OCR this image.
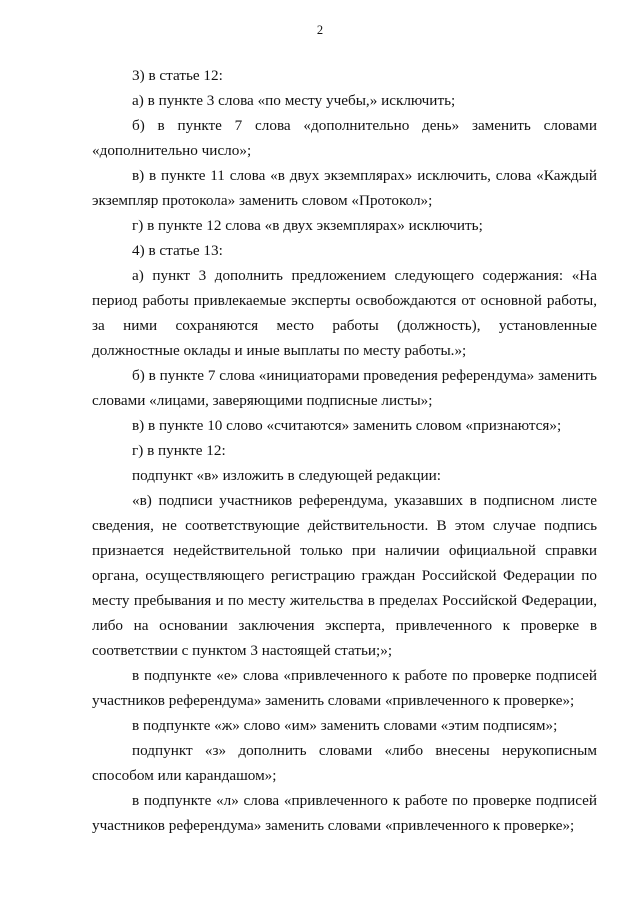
2

3) в статье 12:

а) в пункте 3 слова «по месту учебы,» исключить;

б) в пункте 7 слова «дополнительно день» заменить словами «дополнительно число»;

в) в пункте 11 слова «в двух экземплярах» исключить, слова «Каждый экземпляр протокола» заменить словом «Протокол»;

г) в пункте 12 слова «в двух экземплярах» исключить;

4) в статье 13:

а) пункт 3 дополнить предложением следующего содержания: «На период работы привлекаемые эксперты освобождаются от основной работы, за ними сохраняются место работы (должность), установленные должностные оклады и иные выплаты по месту работы.»;

б) в пункте 7 слова «инициаторами проведения референдума» заменить словами «лицами, заверяющими подписные листы»;

в) в пункте 10 слово «считаются» заменить словом «признаются»;

г) в пункте 12:

подпункт «в» изложить в следующей редакции:

«в) подписи участников референдума, указавших в подписном листе сведения, не соответствующие действительности. В этом случае подпись признается недействительной только при наличии официальной справки органа, осуществляющего регистрацию граждан Российской Федерации по месту пребывания и по месту жительства в пределах Российской Федерации, либо на основании заключения эксперта, привлеченного к проверке в соответствии с пунктом 3 настоящей статьи;»;

в подпункте «е» слова «привлеченного к работе по проверке подписей участников референдума» заменить словами «привлеченного к проверке»;

в подпункте «ж» слово «им» заменить словами «этим подписям»;

подпункт «з» дополнить словами «либо внесены нерукописным способом или карандашом»;

в подпункте «л» слова «привлеченного к работе по проверке подписей участников референдума» заменить словами «привлеченного к проверке»;
